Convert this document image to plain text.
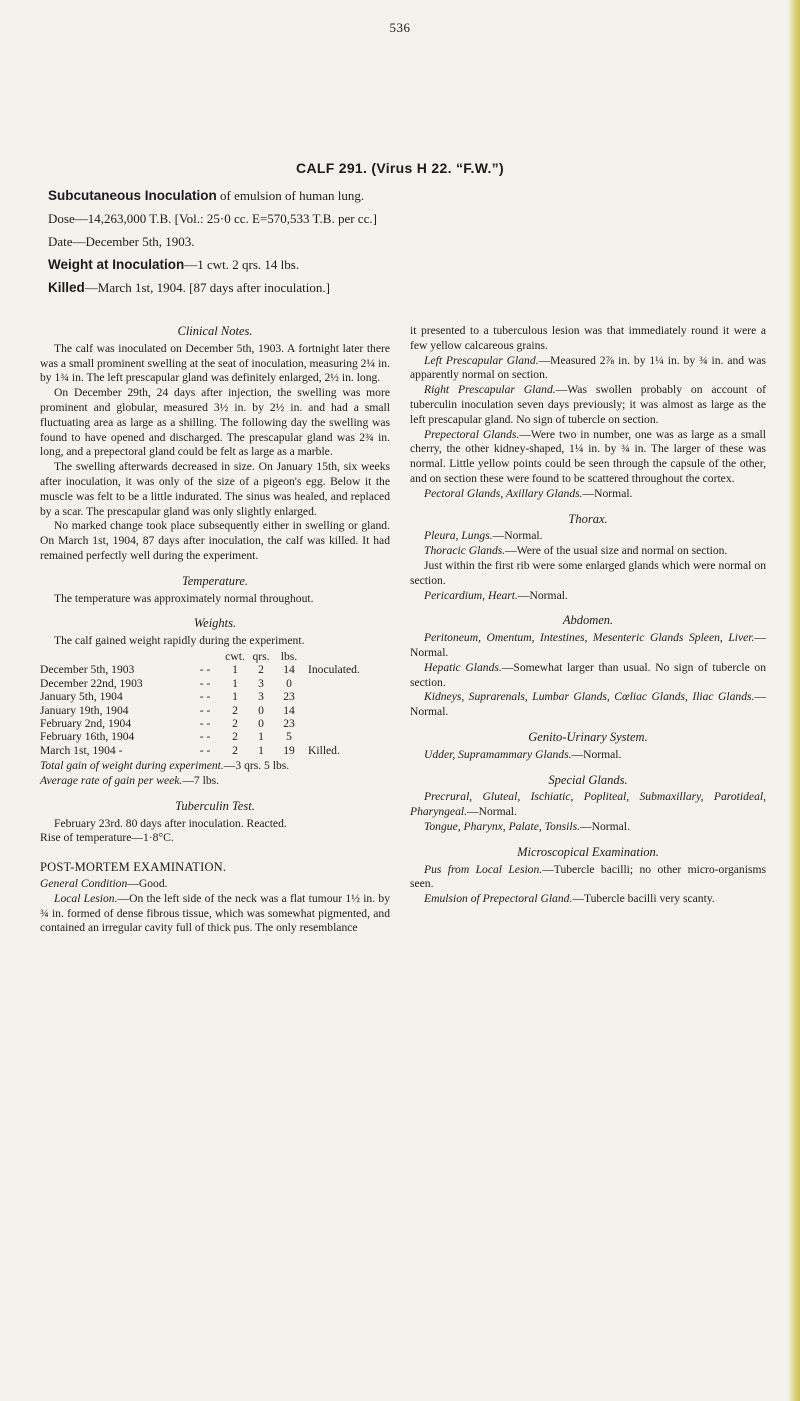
536
CALF 291. (Virus H 22. “F.W.”)
Subcutaneous Inoculation of emulsion of human lung.
Dose—14,263,000 T.B. [Vol.: 25·0 cc. E=570,533 T.B. per cc.]
Date—December 5th, 1903.
Weight at Inoculation—1 cwt. 2 qrs. 14 lbs.
Killed—March 1st, 1904. [87 days after inoculation.]
Clinical Notes.

The calf was inoculated on December 5th, 1903. A fortnight later there was a small prominent swelling at the seat of inoculation, measuring 2¼ in. by 1¾ in. The left prescapular gland was definitely enlarged, 2½ in. long.

On December 29th, 24 days after injection, the swelling was more prominent and globular, measured 3½ in. by 2½ in. and had a small fluctuating area as large as a shilling. The following day the swelling was found to have opened and discharged. The prescapular gland was 2¾ in. long, and a prepectoral gland could be felt as large as a marble.

The swelling afterwards decreased in size. On January 15th, six weeks after inoculation, it was only of the size of a pigeon's egg. Below it the muscle was felt to be a little indurated. The sinus was healed, and replaced by a scar. The prescapular gland was only slightly enlarged.

No marked change took place subsequently either in swelling or gland. On March 1st, 1904, 87 days after inoculation, the calf was killed. It had remained perfectly well during the experiment.

Temperature.

The temperature was approximately normal throughout.

Weights.

The calf gained weight rapidly during the experiment.

		cwt.	qrs.	lbs.	
December 5th, 1903	- -	1	2	14	Inoculated.
December 22nd, 1903	- -	1	3	0	
January 5th, 1904	- -	1	3	23	
January 19th, 1904	- -	2	0	14	
February 2nd, 1904	- -	2	0	23	
February 16th, 1904	- -	2	1	5	
March 1st, 1904 -	- -	2	1	19	Killed.

Total gain of weight during experiment.—3 qrs. 5 lbs.

Average rate of gain per week.—7 lbs.

Tuberculin Test.

February 23rd. 80 days after inoculation. Reacted.

Rise of temperature—1·8°C.

POST-MORTEM EXAMINATION.

General Condition—Good.

Local Lesion.—On the left side of the neck was a flat tumour 1½ in. by ¾ in. formed of dense fibrous tissue, which was somewhat pigmented, and contained an irregular cavity full of thick pus. The only resemblance

it presented to a tuberculous lesion was that immediately round it were a few yellow calcareous grains.

Left Prescapular Gland.—Measured 2⅞ in. by 1¼ in. by ¾ in. and was apparently normal on section.

Right Prescapular Gland.—Was swollen probably on account of tuberculin inoculation seven days previously; it was almost as large as the left prescapular gland. No sign of tubercle on section.

Prepectoral Glands.—Were two in number, one was as large as a small cherry, the other kidney-shaped, 1¼ in. by ¾ in. The larger of these was normal. Little yellow points could be seen through the capsule of the other, and on section these were found to be scattered throughout the cortex.

Pectoral Glands, Axillary Glands.—Normal.

Thorax.

Pleura, Lungs.—Normal.

Thoracic Glands.—Were of the usual size and normal on section.

Just within the first rib were some enlarged glands which were normal on section.

Pericardium, Heart.—Normal.

Abdomen.

Peritoneum, Omentum, Intestines, Mesenteric Glands Spleen, Liver.—Normal.

Hepatic Glands.—Somewhat larger than usual. No sign of tubercle on section.

Kidneys, Suprarenals, Lumbar Glands, Cœliac Glands, Iliac Glands.—Normal.

Genito-Urinary System.

Udder, Supramammary Glands.—Normal.

Special Glands.

Precrural, Gluteal, Ischiatic, Popliteal, Submaxillary, Parotideal, Pharyngeal.—Normal.

Tongue, Pharynx, Palate, Tonsils.—Normal.

Microscopical Examination.

Pus from Local Lesion.—Tubercle bacilli; no other micro-organisms seen.

Emulsion of Prepectoral Gland.—Tubercle bacilli very scanty.
